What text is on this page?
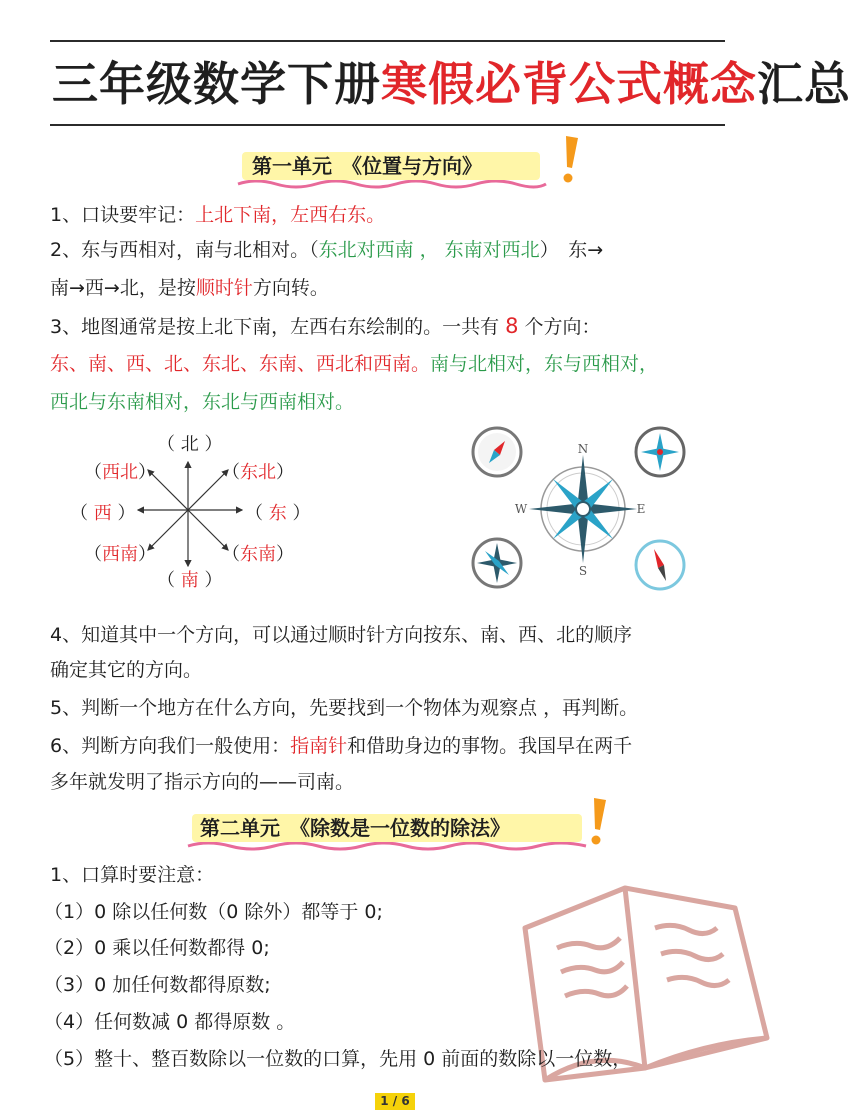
三年级数学下册寒假必背公式概念汇总
第一单元　《位置与方向》
1、口诀要牢记：上北下南，左西右东。
2、东与西相对，南与北相对。（东北对西南 ， 东南对西北）　东→
南→西→北，是按顺时针方向转。
3、地图通常是按上北下南，左西右东绘制的。一共有 8 个方向：
东、南、西、北、东北、东南、西北和西南。南与北相对，东与西相对，
西北与东南相对，东北与西南相对。
（ 北 ）
（西北）	（东北）
（ 西 ）	（ 东 ）
（西南）	（东南）
（ 南 ）
N
S
W	E
4、知道其中一个方向，可以通过顺时针方向按东、南、西、北的顺序
确定其它的方向。
5、判断一个地方在什么方向，先要找到一个物体为观察点 ，再判断。
6、判断方向我们一般使用：指南针和借助身边的事物。我国早在两千
多年就发明了指示方向的——司南。
第二单元　《除数是一位数的除法》
1、口算时要注意：
（1）0 除以任何数（0 除外）都等于 0;
（2）0 乘以任何数都得 0;
（3）0 加任何数都得原数;
（4）任何数减 0 都得原数 。
（5）整十、整百数除以一位数的口算，先用 0 前面的数除以一位数，
1 / 6
